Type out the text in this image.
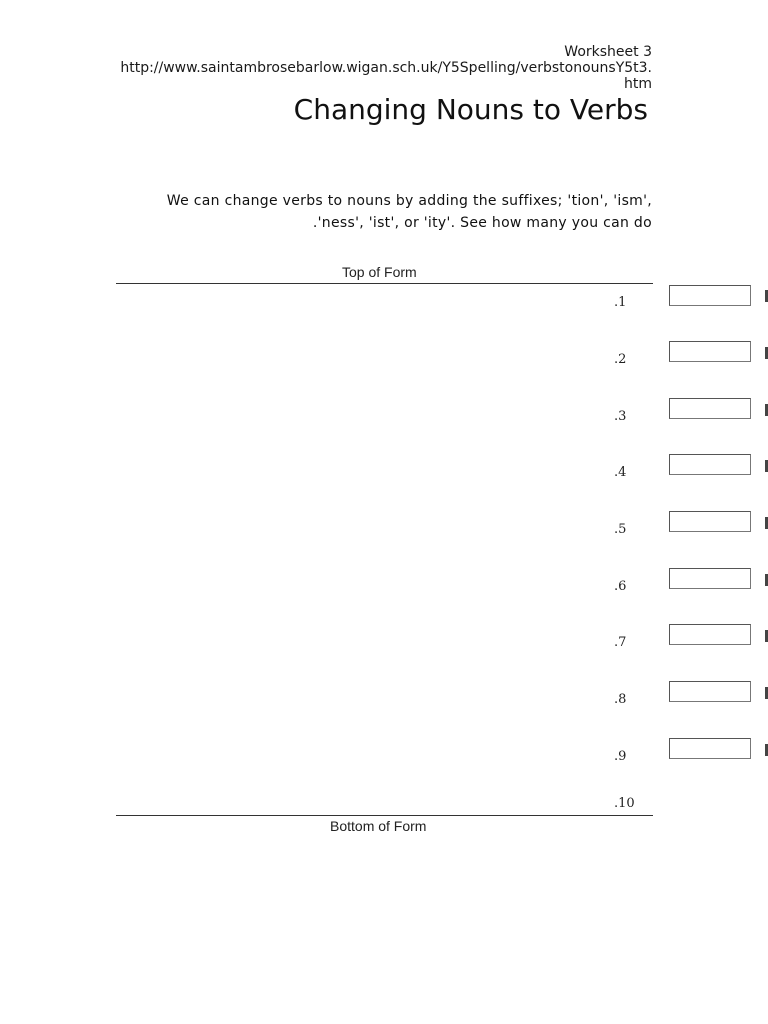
Worksheet 3
http://www.saintambrosebarlow.wigan.sch.uk/Y5Spelling/verbstonounsY5t3.htm
Changing Nouns to Verbs
We can change verbs to nouns by adding the suffixes; 'tion', 'ism',
.'ness', 'ist', or 'ity'. See how many you can do
Top of Form
.1
.2
.3
.4
.5
.6
.7
.8
.9
.10
Bottom of Form
